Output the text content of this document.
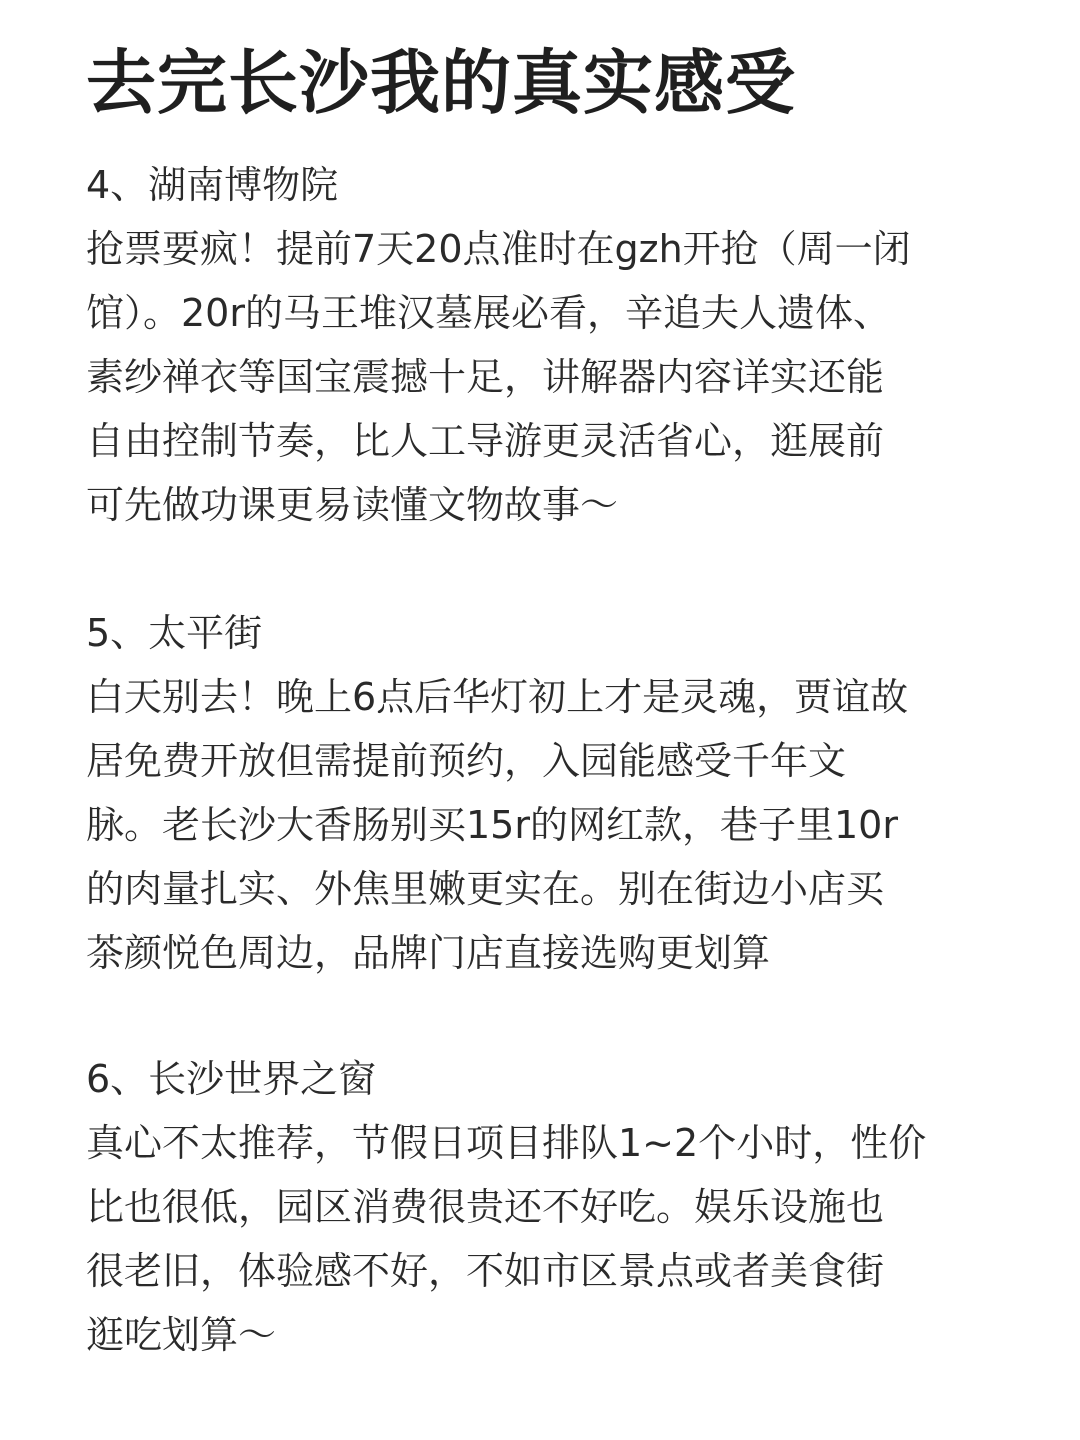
去完长沙我的真实感受
4、湖南博物院
抢票要疯！提前7天20点准时在gzh开抢（周一闭
馆）。20r的马王堆汉墓展必看，辛追夫人遗体、
素纱禅衣等国宝震撼十足，讲解器内容详实还能
自由控制节奏，比人工导游更灵活省心，逛展前
可先做功课更易读懂文物故事～
5、太平街
白天别去！晚上6点后华灯初上才是灵魂，贾谊故
居免费开放但需提前预约，入园能感受千年文
脉。老长沙大香肠别买15r的网红款，巷子里10r
的肉量扎实、外焦里嫩更实在。别在街边小店买
茶颜悦色周边，品牌门店直接选购更划算
6、长沙世界之窗
真心不太推荐，节假日项目排队1~2个小时，性价
比也很低，园区消费很贵还不好吃。娱乐设施也
很老旧，体验感不好，不如市区景点或者美食街
逛吃划算～
